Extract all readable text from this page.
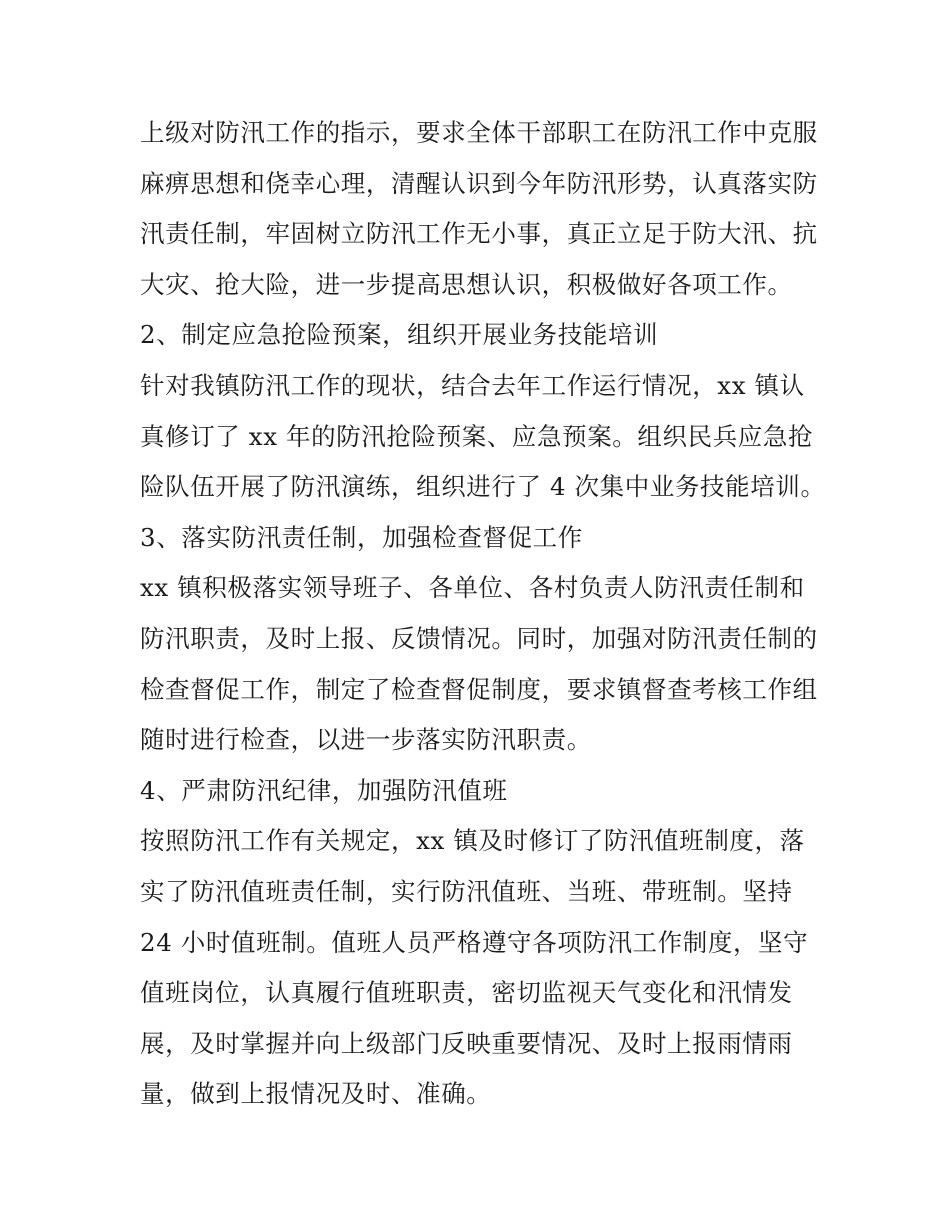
上级对防汛工作的指示，要求全体干部职工在防汛工作中克服
麻痹思想和侥幸心理，清醒认识到今年防汛形势，认真落实防
汛责任制，牢固树立防汛工作无小事，真正立足于防大汛、抗
大灾、抢大险，进一步提高思想认识，积极做好各项工作。
2、制定应急抢险预案，组织开展业务技能培训
针对我镇防汛工作的现状，结合去年工作运行情况，xx 镇认
真修订了 xx 年的防汛抢险预案、应急预案。组织民兵应急抢
险队伍开展了防汛演练，组织进行了 4 次集中业务技能培训。
3、落实防汛责任制，加强检查督促工作
xx 镇积极落实领导班子、各单位、各村负责人防汛责任制和
防汛职责，及时上报、反馈情况。同时，加强对防汛责任制的
检查督促工作，制定了检查督促制度，要求镇督查考核工作组
随时进行检查，以进一步落实防汛职责。
4、严肃防汛纪律，加强防汛值班
按照防汛工作有关规定，xx 镇及时修订了防汛值班制度，落
实了防汛值班责任制，实行防汛值班、当班、带班制。坚持
24 小时值班制。值班人员严格遵守各项防汛工作制度，坚守
值班岗位，认真履行值班职责，密切监视天气变化和汛情发
展，及时掌握并向上级部门反映重要情况、及时上报雨情雨
量，做到上报情况及时、准确。
